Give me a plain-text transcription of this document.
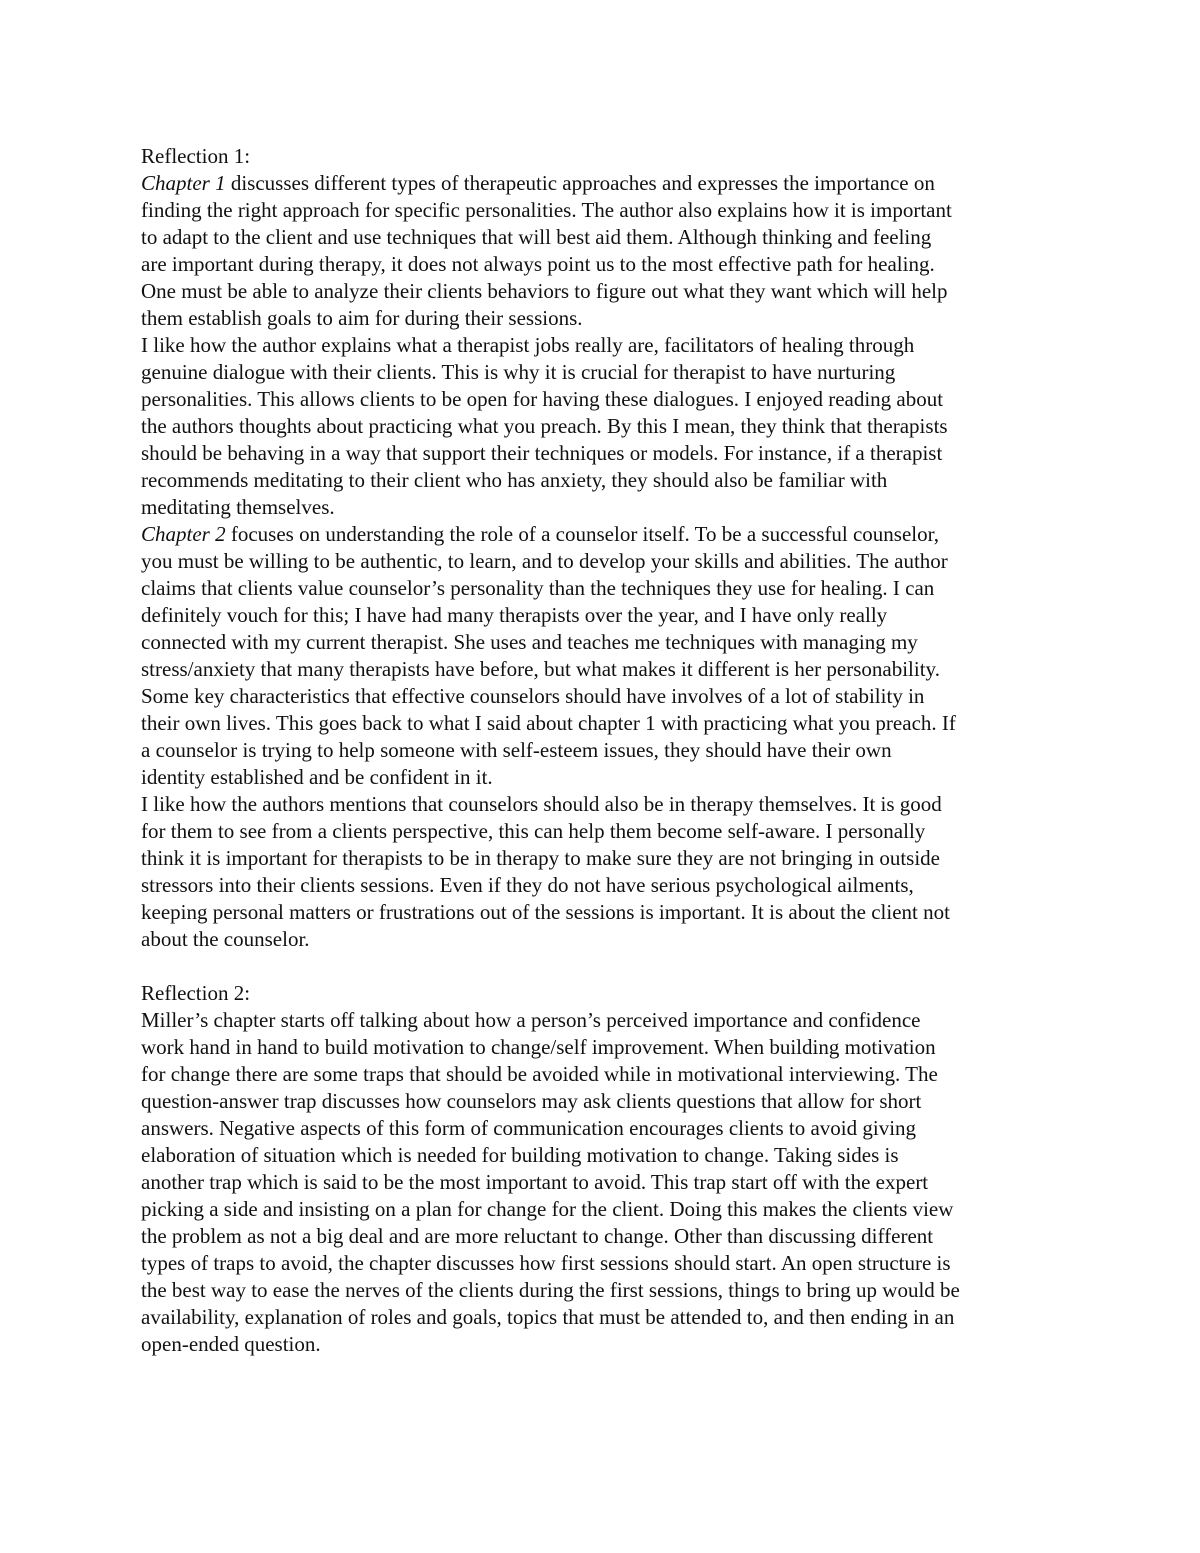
Reflection 1:
Chapter 1 discusses different types of therapeutic approaches and expresses the importance on
finding the right approach for specific personalities. The author also explains how it is important
to adapt to the client and use techniques that will best aid them. Although thinking and feeling
are important during therapy, it does not always point us to the most effective path for healing.
One must be able to analyze their clients behaviors to figure out what they want which will help
them establish goals to aim for during their sessions.
I like how the author explains what a therapist jobs really are, facilitators of healing through
genuine dialogue with their clients. This is why it is crucial for therapist to have nurturing
personalities. This allows clients to be open for having these dialogues. I enjoyed reading about
the authors thoughts about practicing what you preach. By this I mean, they think that therapists
should be behaving in a way that support their techniques or models. For instance, if a therapist
recommends meditating to their client who has anxiety, they should also be familiar with
meditating themselves.
Chapter 2 focuses on understanding the role of a counselor itself. To be a successful counselor,
you must be willing to be authentic, to learn, and to develop your skills and abilities. The author
claims that clients value counselor’s personality than the techniques they use for healing. I can
definitely vouch for this; I have had many therapists over the year, and I have only really
connected with my current therapist. She uses and teaches me techniques with managing my
stress/anxiety that many therapists have before, but what makes it different is her personability.
Some key characteristics that effective counselors should have involves of a lot of stability in
their own lives. This goes back to what I said about chapter 1 with practicing what you preach. If
a counselor is trying to help someone with self-esteem issues, they should have their own
identity established and be confident in it.
I like how the authors mentions that counselors should also be in therapy themselves. It is good
for them to see from a clients perspective, this can help them become self-aware. I personally
think it is important for therapists to be in therapy to make sure they are not bringing in outside
stressors into their clients sessions. Even if they do not have serious psychological ailments,
keeping personal matters or frustrations out of the sessions is important. It is about the client not
about the counselor.
Reflection 2:
Miller’s chapter starts off talking about how a person’s perceived importance and confidence
work hand in hand to build motivation to change/self improvement. When building motivation
for change there are some traps that should be avoided while in motivational interviewing. The
question-answer trap discusses how counselors may ask clients questions that allow for short
answers. Negative aspects of this form of communication encourages clients to avoid giving
elaboration of situation which is needed for building motivation to change. Taking sides is
another trap which is said to be the most important to avoid. This trap start off with the expert
picking a side and insisting on a plan for change for the client. Doing this makes the clients view
the problem as not a big deal and are more reluctant to change. Other than discussing different
types of traps to avoid, the chapter discusses how first sessions should start. An open structure is
the best way to ease the nerves of the clients during the first sessions, things to bring up would be
availability, explanation of roles and goals, topics that must be attended to, and then ending in an
open-ended question.
